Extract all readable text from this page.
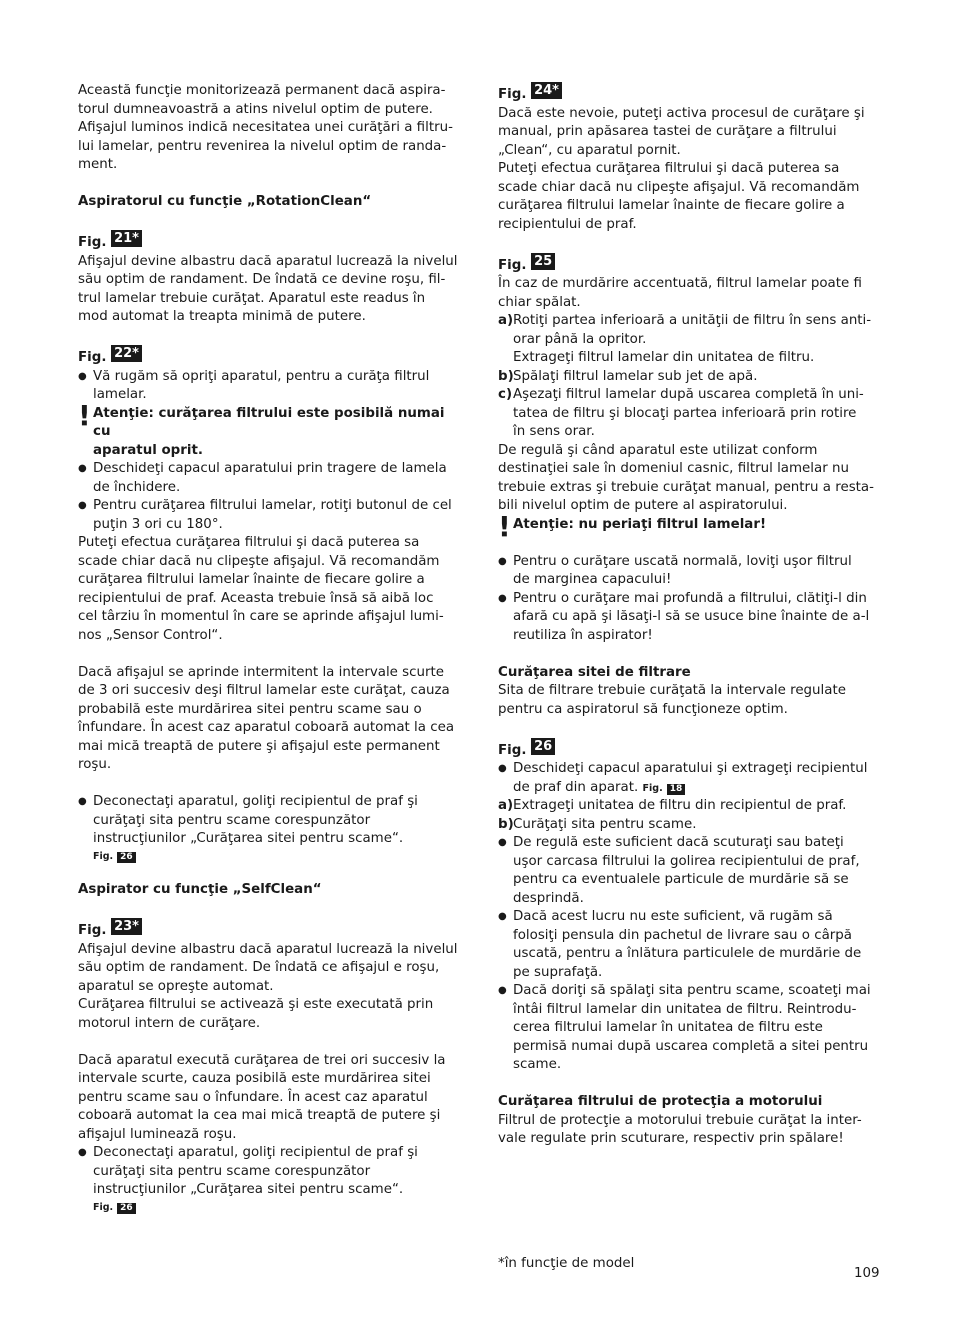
Această funcţie monitorizează permanent dacă aspira-
torul dumneavoastră a atins nivelul optim de putere.
Afişajul luminos indică necesitatea unei curăţări a filtru-
lui lamelar, pentru revenirea la nivelul optim de randa-
ment.

Aspiratorul cu funcţie „RotationClean“

Fig. 21*

Afişajul devine albastru dacă aparatul lucrează la nivelul
său optim de randament. De îndată ce devine roşu, fil-
trul lamelar trebuie curăţat. Aparatul este readus în
mod automat la treapta minimă de putere.

Fig. 22*
● Vă rugăm să opriţi aparatul, pentru a curăţa filtrul
lamelar.
! Atenţie: curăţarea filtrului este posibilă numai cu
aparatul oprit.
● Deschideţi capacul aparatului prin tragere de lamela
de închidere.
● Pentru curăţarea filtrului lamelar, rotiţi butonul de cel
puţin 3 ori cu 180°.

Puteţi efectua curăţarea filtrului şi dacă puterea sa
scade chiar dacă nu clipeşte afişajul. Vă recomandăm
curăţarea filtrului lamelar înainte de fiecare golire a
recipientului de praf. Aceasta trebuie însă să aibă loc
cel târziu în momentul în care se aprinde afişajul lumi-
nos „Sensor Control“.

Dacă afişajul se aprinde intermitent la intervale scurte
de 3 ori succesiv deşi filtrul lamelar este curăţat, cauza
probabilă este murdărirea sitei pentru scame sau o
înfundare. În acest caz aparatul coboară automat la cea
mai mică treaptă de putere şi afişajul este permanent
roşu.

● Deconectaţi aparatul, goliţi recipientul de praf şi
curăţaţi sita pentru scame corespunzător
instrucţiunilor „Curăţarea sitei pentru scame“.
Fig. 26

Aspirator cu funcţie „SelfClean“

Fig. 23*

Afişajul devine albastru dacă aparatul lucrează la nivelul
său optim de randament. De îndată ce afişajul e roşu,
aparatul se opreşte automat.
Curăţarea filtrului se activează şi este executată prin
motorul intern de curăţare.

Dacă aparatul execută curăţarea de trei ori succesiv la
intervale scurte, cauza posibilă este murdărirea sitei
pentru scame sau o înfundare. În acest caz aparatul
coboară automat la cea mai mică treaptă de putere şi
afişajul luminează roşu.

● Deconectaţi aparatul, goliţi recipientul de praf şi
curăţaţi sita pentru scame corespunzător
instrucţiunilor „Curăţarea sitei pentru scame“.
Fig. 26
Fig. 24*

Dacă este nevoie, puteţi activa procesul de curăţare şi
manual, prin apăsarea tastei de curăţare a filtrului
„Clean“, cu aparatul pornit.
Puteţi efectua curăţarea filtrului şi dacă puterea sa
scade chiar dacă nu clipeşte afişajul. Vă recomandăm
curăţarea filtrului lamelar înainte de fiecare golire a
recipientului de praf.

Fig. 25

În caz de murdărire accentuată, filtrul lamelar poate fi
chiar spălat.

a) Rotiţi partea inferioară a unităţii de filtru în sens anti-
orar până la opritor.
Extrageţi filtrul lamelar din unitatea de filtru.
b) Spălaţi filtrul lamelar sub jet de apă.
c) Aşezaţi filtrul lamelar după uscarea completă în uni-
tatea de filtru şi blocaţi partea inferioară prin rotire
în sens orar.

De regulă şi când aparatul este utilizat conform
destinaţiei sale în domeniul casnic, filtrul lamelar nu
trebuie extras şi trebuie curăţat manual, pentru a resta-
bili nivelul optim de putere al aspiratorului.

! Atenţie: nu periaţi filtrul lamelar!
● Pentru o curăţare uscată normală, loviţi uşor filtrul
de marginea capacului!
● Pentru o curăţare mai profundă a filtrului, clătiţi-l din
afară cu apă şi lăsaţi-l să se usuce bine înainte de a-l
reutiliza în aspirator!

Curăţarea sitei de filtrare

Sita de filtrare trebuie curăţată la intervale regulate
pentru ca aspiratorul să funcţioneze optim.

Fig. 26
● Deschideţi capacul aparatului şi extrageţi recipientul
de praf din aparat. Fig. 18
a) Extrageţi unitatea de filtru din recipientul de praf.
b) Curăţaţi sita pentru scame.
● De regulă este suficient dacă scuturaţi sau bateţi
uşor carcasa filtrului la golirea recipientului de praf,
pentru ca eventualele particule de murdărie să se
desprindă.
● Dacă acest lucru nu este suficient, vă rugăm să
folosiţi pensula din pachetul de livrare sau o cârpă
uscată, pentru a înlătura particulele de murdărie de
pe suprafaţă.
● Dacă doriţi să spălaţi sita pentru scame, scoateţi mai
întâi filtrul lamelar din unitatea de filtru. Reintrodu-
cerea filtrului lamelar în unitatea de filtru este
permisă numai după uscarea completă a sitei pentru
scame.

Curăţarea filtrului de protecţia a motorului

Filtrul de protecţie a motorului trebuie curăţat la inter-
vale regulate prin scuturare, respectiv prin spălare!

*în funcţie de model
109
